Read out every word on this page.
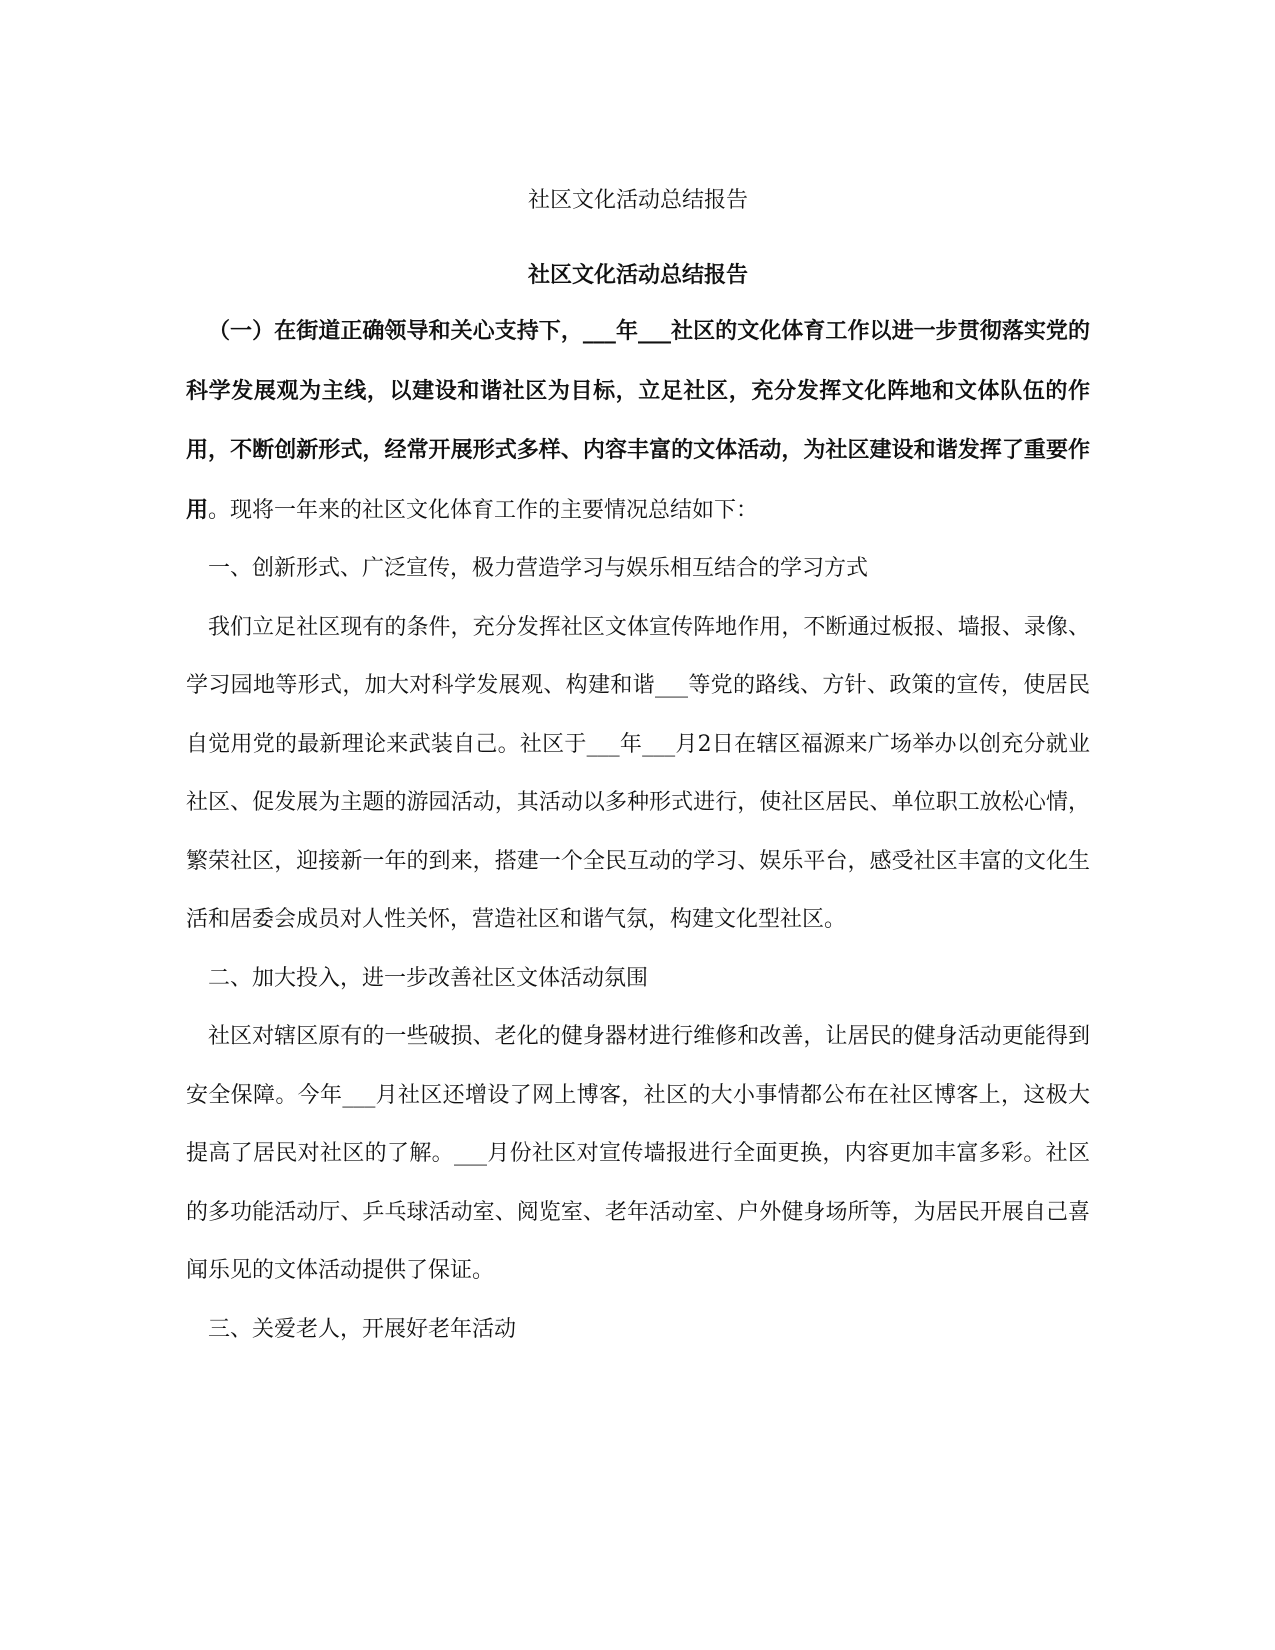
社区文化活动总结报告
社区文化活动总结报告

（一）在街道正确领导和关心支持下，___年___社区的文化体育工作以进一步贯彻落实党的科学发展观为主线，以建设和谐社区为目标，立足社区，充分发挥文化阵地和文体队伍的作用，不断创新形式，经常开展形式多样、内容丰富的文体活动，为社区建设和谐发挥了重要作用。现将一年来的社区文化体育工作的主要情况总结如下：

一、创新形式、广泛宣传，极力营造学习与娱乐相互结合的学习方式

我们立足社区现有的条件，充分发挥社区文体宣传阵地作用，不断通过板报、墙报、录像、学习园地等形式，加大对科学发展观、构建和谐___等党的路线、方针、政策的宣传，使居民自觉用党的最新理论来武装自己。社区于___年___月2日在辖区福源来广场举办以创充分就业社区、促发展为主题的游园活动，其活动以多种形式进行，使社区居民、单位职工放松心情，繁荣社区，迎接新一年的到来，搭建一个全民互动的学习、娱乐平台，感受社区丰富的文化生活和居委会成员对人性关怀，营造社区和谐气氛，构建文化型社区。

二、加大投入，进一步改善社区文体活动氛围

社区对辖区原有的一些破损、老化的健身器材进行维修和改善，让居民的健身活动更能得到安全保障。今年___月社区还增设了网上博客，社区的大小事情都公布在社区博客上，这极大提高了居民对社区的了解。___月份社区对宣传墙报进行全面更换，内容更加丰富多彩。社区的多功能活动厅、乒乓球活动室、阅览室、老年活动室、户外健身场所等，为居民开展自己喜闻乐见的文体活动提供了保证。

三、关爱老人，开展好老年活动
